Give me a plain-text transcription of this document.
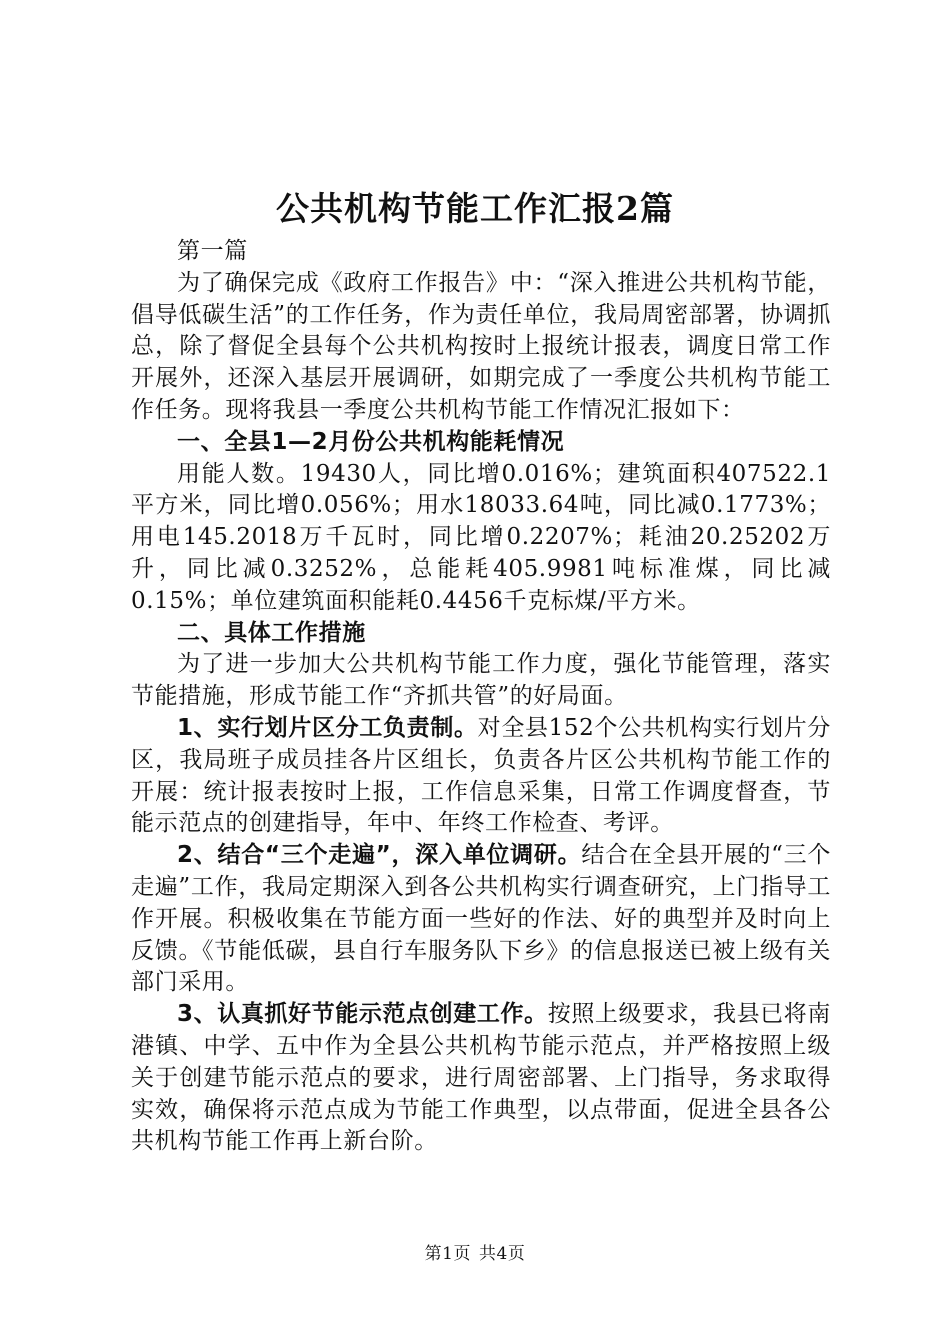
公共机构节能工作汇报2篇

第一篇

为了确保完成《政府工作报告》中：“深入推进公共机构节能，倡导低碳生活”的工作任务，作为责任单位，我局周密部署，协调抓总，除了督促全县每个公共机构按时上报统计报表，调度日常工作开展外，还深入基层开展调研，如期完成了一季度公共机构节能工作任务。现将我县一季度公共机构节能工作情况汇报如下：

一、全县1—2月份公共机构能耗情况

用能人数。19430人，同比增0.016%；建筑面积407522.1平方米，同比增0.056%；用水18033.64吨，同比减0.1773%；用电145.2018万千瓦时，同比增0.2207%；耗油20.25202万升，同比减0.3252%，总能耗405.9981吨标准煤，同比减0.15%；单位建筑面积能耗0.4456千克标煤/平方米。

二、具体工作措施

为了进一步加大公共机构节能工作力度，强化节能管理，落实节能措施，形成节能工作“齐抓共管”的好局面。

1、实行划片区分工负责制。对全县152个公共机构实行划片分区，我局班子成员挂各片区组长，负责各片区公共机构节能工作的开展：统计报表按时上报，工作信息采集，日常工作调度督查，节能示范点的创建指导，年中、年终工作检查、考评。

2、结合“三个走遍”，深入单位调研。结合在全县开展的“三个走遍”工作，我局定期深入到各公共机构实行调查研究，上门指导工作开展。积极收集在节能方面一些好的作法、好的典型并及时向上反馈。《节能低碳，县自行车服务队下乡》的信息报送已被上级有关部门采用。

3、认真抓好节能示范点创建工作。按照上级要求，我县已将南港镇、中学、五中作为全县公共机构节能示范点，并严格按照上级关于创建节能示范点的要求，进行周密部署、上门指导，务求取得实效，确保将示范点成为节能工作典型，以点带面，促进全县各公共机构节能工作再上新台阶。

第1页 共4页
